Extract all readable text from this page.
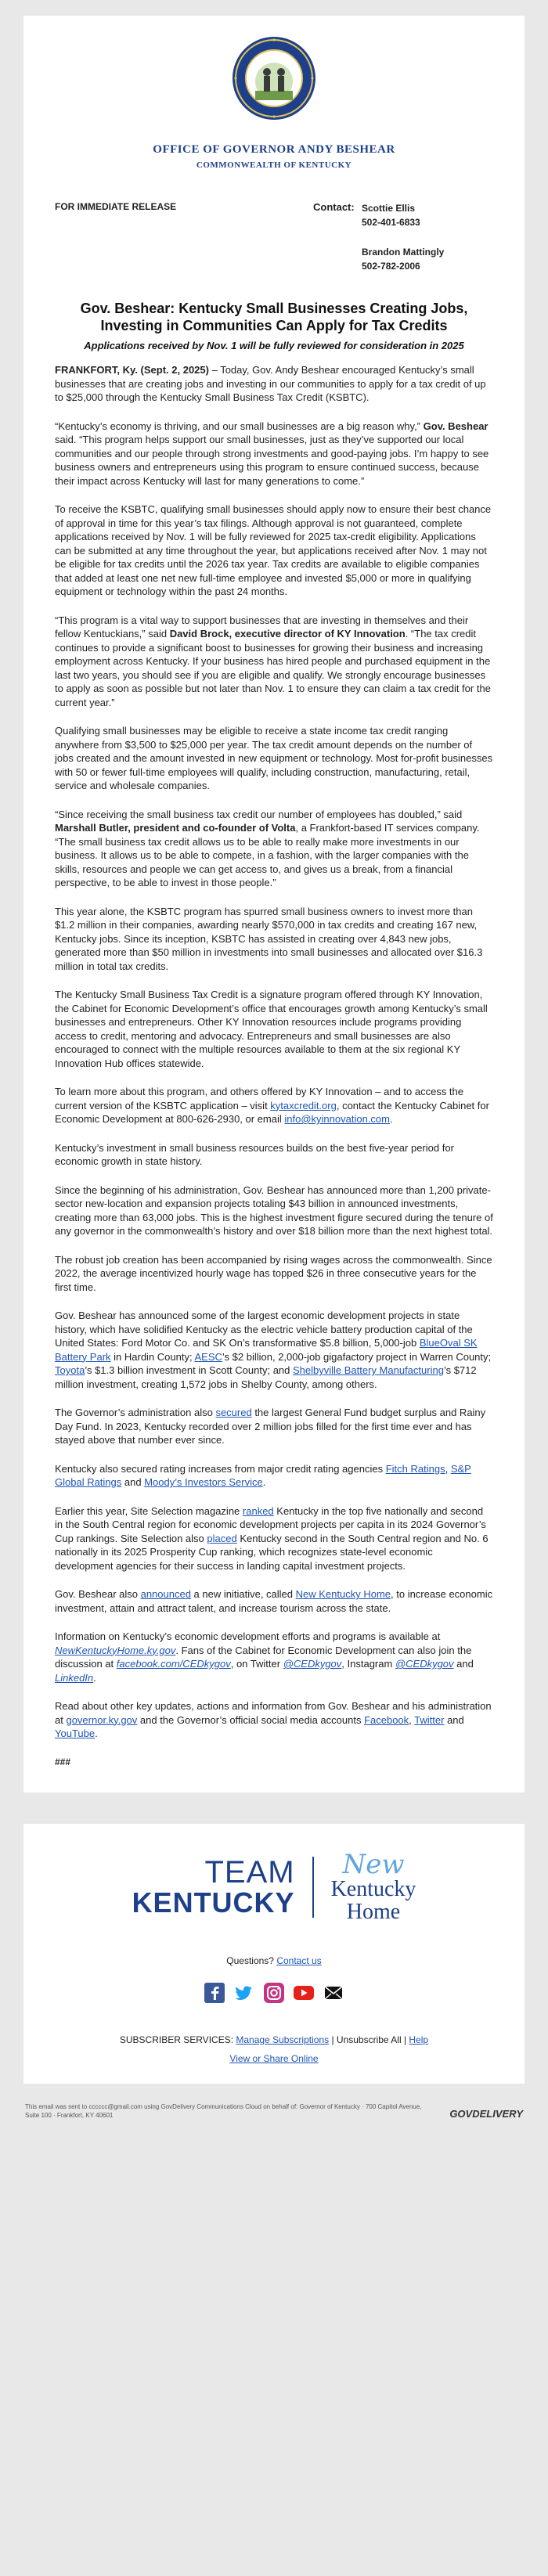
OFFICE OF GOVERNOR ANDY BESHEAR
COMMONWEALTH OF KENTUCKY
FOR IMMEDIATE RELEASE	Contact: Scottie Ellis
502-401-6833
Brandon Mattingly
502-782-2006
Gov. Beshear: Kentucky Small Businesses Creating Jobs, Investing in Communities Can Apply for Tax Credits
Applications received by Nov. 1 will be fully reviewed for consideration in 2025

FRANKFORT, Ky. (Sept. 2, 2025) – Today, Gov. Andy Beshear encouraged Kentucky’s small businesses that are creating jobs and investing in our communities to apply for a tax credit of up to $25,000 through the Kentucky Small Business Tax Credit (KSBTC).

“Kentucky’s economy is thriving, and our small businesses are a big reason why,” Gov. Beshear said. “This program helps support our small businesses, just as they’ve supported our local communities and our people through strong investments and good-paying jobs. I’m happy to see business owners and entrepreneurs using this program to ensure continued success, because their impact across Kentucky will last for many generations to come.”

To receive the KSBTC, qualifying small businesses should apply now to ensure their best chance of approval in time for this year’s tax filings. Although approval is not guaranteed, complete applications received by Nov. 1 will be fully reviewed for 2025 tax-credit eligibility. Applications can be submitted at any time throughout the year, but applications received after Nov. 1 may not be eligible for tax credits until the 2026 tax year. Tax credits are available to eligible companies that added at least one net new full-time employee and invested $5,000 or more in qualifying equipment or technology within the past 24 months.

“This program is a vital way to support businesses that are investing in themselves and their fellow Kentuckians,” said David Brock, executive director of KY Innovation. “The tax credit continues to provide a significant boost to businesses for growing their business and increasing employment across Kentucky. If your business has hired people and purchased equipment in the last two years, you should see if you are eligible and qualify. We strongly encourage businesses to apply as soon as possible but not later than Nov. 1 to ensure they can claim a tax credit for the current year.”

Qualifying small businesses may be eligible to receive a state income tax credit ranging anywhere from $3,500 to $25,000 per year. The tax credit amount depends on the number of jobs created and the amount invested in new equipment or technology. Most for-profit businesses with 50 or fewer full-time employees will qualify, including construction, manufacturing, retail, service and wholesale companies.

“Since receiving the small business tax credit our number of employees has doubled,” said Marshall Butler, president and co-founder of Volta, a Frankfort-based IT services company. “The small business tax credit allows us to be able to really make more investments in our business. It allows us to be able to compete, in a fashion, with the larger companies with the skills, resources and people we can get access to, and gives us a break, from a financial perspective, to be able to invest in those people.”

This year alone, the KSBTC program has spurred small business owners to invest more than $1.2 million in their companies, awarding nearly $570,000 in tax credits and creating 167 new, Kentucky jobs. Since its inception, KSBTC has assisted in creating over 4,843 new jobs, generated more than $50 million in investments into small businesses and allocated over $16.3 million in total tax credits.

The Kentucky Small Business Tax Credit is a signature program offered through KY Innovation, the Cabinet for Economic Development’s office that encourages growth among Kentucky’s small businesses and entrepreneurs. Other KY Innovation resources include programs providing access to credit, mentoring and advocacy. Entrepreneurs and small businesses are also encouraged to connect with the multiple resources available to them at the six regional KY Innovation Hub offices statewide.

To learn more about this program, and others offered by KY Innovation – and to access the current version of the KSBTC application – visit kytaxcredit.org, contact the Kentucky Cabinet for Economic Development at 800-626-2930, or email info@kyinnovation.com.

Kentucky’s investment in small business resources builds on the best five-year period for economic growth in state history.

Since the beginning of his administration, Gov. Beshear has announced more than 1,200 private-sector new-location and expansion projects totaling $43 billion in announced investments, creating more than 63,000 jobs. This is the highest investment figure secured during the tenure of any governor in the commonwealth’s history and over $18 billion more than the next highest total.

The robust job creation has been accompanied by rising wages across the commonwealth. Since 2022, the average incentivized hourly wage has topped $26 in three consecutive years for the first time.

Gov. Beshear has announced some of the largest economic development projects in state history, which have solidified Kentucky as the electric vehicle battery production capital of the United States: Ford Motor Co. and SK On’s transformative $5.8 billion, 5,000-job BlueOval SK Battery Park in Hardin County; AESC’s $2 billion, 2,000-job gigafactory project in Warren County; Toyota’s $1.3 billion investment in Scott County; and Shelbyville Battery Manufacturing’s $712 million investment, creating 1,572 jobs in Shelby County, among others.

The Governor’s administration also secured the largest General Fund budget surplus and Rainy Day Fund. In 2023, Kentucky recorded over 2 million jobs filled for the first time ever and has stayed above that number ever since.

Kentucky also secured rating increases from major credit rating agencies Fitch Ratings, S&P Global Ratings and Moody’s Investors Service.

Earlier this year, Site Selection magazine ranked Kentucky in the top five nationally and second in the South Central region for economic development projects per capita in its 2024 Governor’s Cup rankings. Site Selection also placed Kentucky second in the South Central region and No. 6 nationally in its 2025 Prosperity Cup ranking, which recognizes state-level economic development agencies for their success in landing capital investment projects.

Gov. Beshear also announced a new initiative, called New Kentucky Home, to increase economic investment, attain and attract talent, and increase tourism across the state.

Information on Kentucky’s economic development efforts and programs is available at NewKentuckyHome.ky.gov. Fans of the Cabinet for Economic Development can also join the discussion at facebook.com/CEDkygov, on Twitter @CEDkygov, Instagram @CEDkygov and LinkedIn.

Read about other key updates, actions and information from Gov. Beshear and his administration at governor.ky.gov and the Governor’s official social media accounts Facebook, Twitter and YouTube.

###
TEAM
KENTUCKY
New
Kentucky
Home
Questions? Contact us
SUBSCRIBER SERVICES: Manage Subscriptions | Unsubscribe All | Help
View or Share Online
This email was sent to cccccc@gmail.com using GovDelivery Communications Cloud on behalf of: Governor of Kentucky · 700 Capitol Avenue, Suite 100 · Frankfort, KY 40601	GOVDELIVERY
